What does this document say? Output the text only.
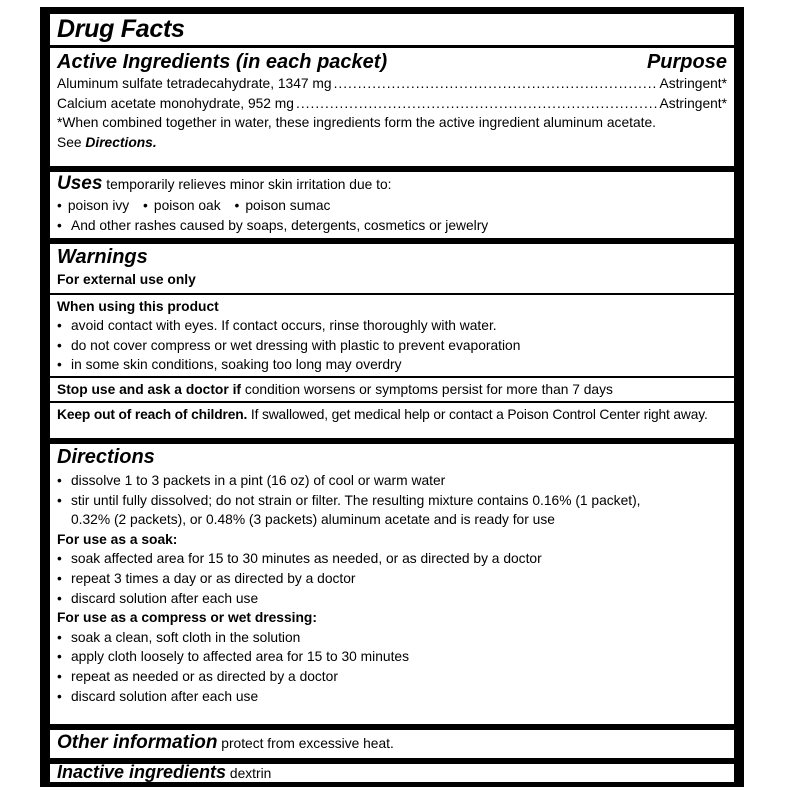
Drug Facts
Active Ingredients (in each packet)	Purpose
Aluminum sulfate tetradecahydrate, 1347 mg .....	Astringent*
Calcium acetate monohydrate, 952 mg .....	Astringent*
*When combined together in water, these ingredients form the active ingredient aluminum acetate.
See Directions.
Uses temporarily relieves minor skin irritation due to:
• poison ivy • poison oak • poison sumac
• And other rashes caused by soaps, detergents, cosmetics or jewelry
Warnings
For external use only
When using this product
• avoid contact with eyes. If contact occurs, rinse thoroughly with water.
• do not cover compress or wet dressing with plastic to prevent evaporation
• in some skin conditions, soaking too long may overdry
Stop use and ask a doctor if condition worsens or symptoms persist for more than 7 days
Keep out of reach of children. If swallowed, get medical help or contact a Poison Control Center right away.
Directions
• dissolve 1 to 3 packets in a pint (16 oz) of cool or warm water
• stir until fully dissolved; do not strain or filter. The resulting mixture contains 0.16% (1 packet),
0.32% (2 packets), or 0.48% (3 packets) aluminum acetate and is ready for use
For use as a soak:
• soak affected area for 15 to 30 minutes as needed, or as directed by a doctor
• repeat 3 times a day or as directed by a doctor
• discard solution after each use
For use as a compress or wet dressing:
• soak a clean, soft cloth in the solution
• apply cloth loosely to affected area for 15 to 30 minutes
• repeat as needed or as directed by a doctor
• discard solution after each use
Other information protect from excessive heat.
Inactive ingredients dextrin
